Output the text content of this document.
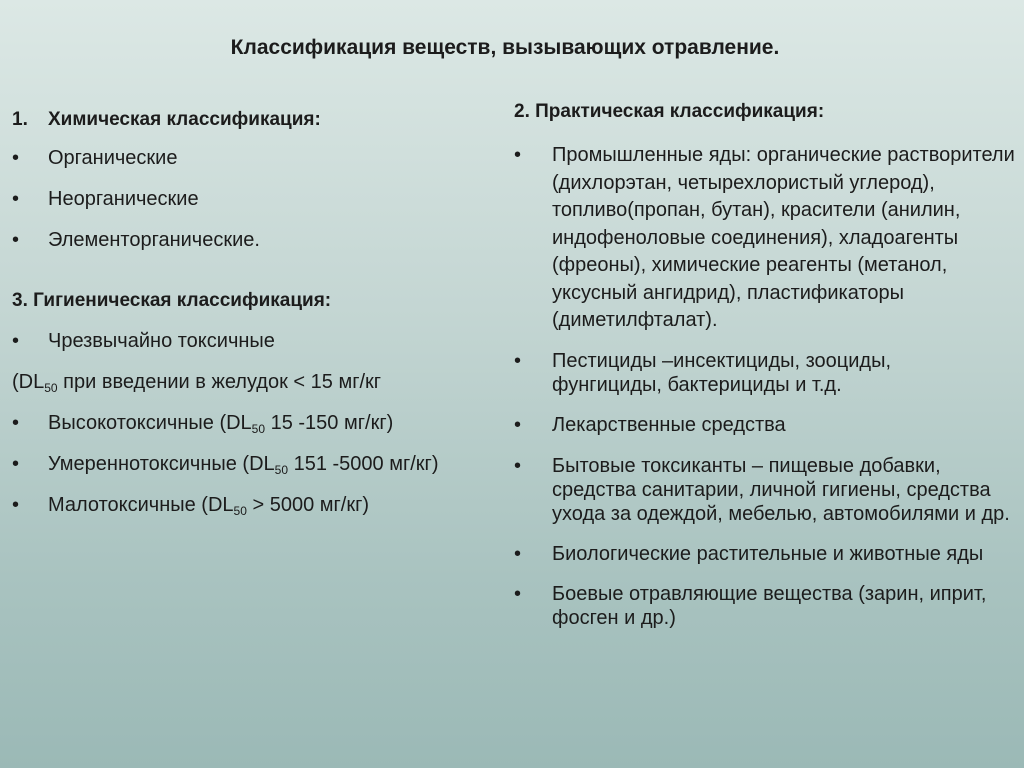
Классификация веществ, вызывающих отравление.
1. Химическая классификация:
• Органические
• Неорганические
• Элементорганические.
3. Гигиеническая классификация:
• Чрезвычайно токсичные
($DL_{50}$ при введении в желудок < 15 мг/кг
• Высокотоксичные ($DL_{50}$ 15 -150 мг/кг)
• Умереннотоксичные ($DL_{50}$ 151 -5000 мг/кг)
• Малотоксичные ($DL_{50} > 5000$ мг/кг)
2. Практическая классификация:
• Промышленные яды: органические растворители (дихлорэтан, четырехлористый углерод), топливо(пропан, бутан), красители (анилин, индофеноловые соединения), хладоагенты (фреоны), химические реагенты (метанол, уксусный ангидрид), пластификаторы (диметилфталат).
• Пестициды –инсектициды, зооциды, фунгициды, бактерициды и т.д.
• Лекарственные средства
• Бытовые токсиканты – пищевые добавки, средства санитарии, личной гигиены, средства ухода за одеждой, мебелью, автомобилями и др.
• Биологические растительные и животные яды
• Боевые отравляющие вещества (зарин, иприт, фосген и др.)
